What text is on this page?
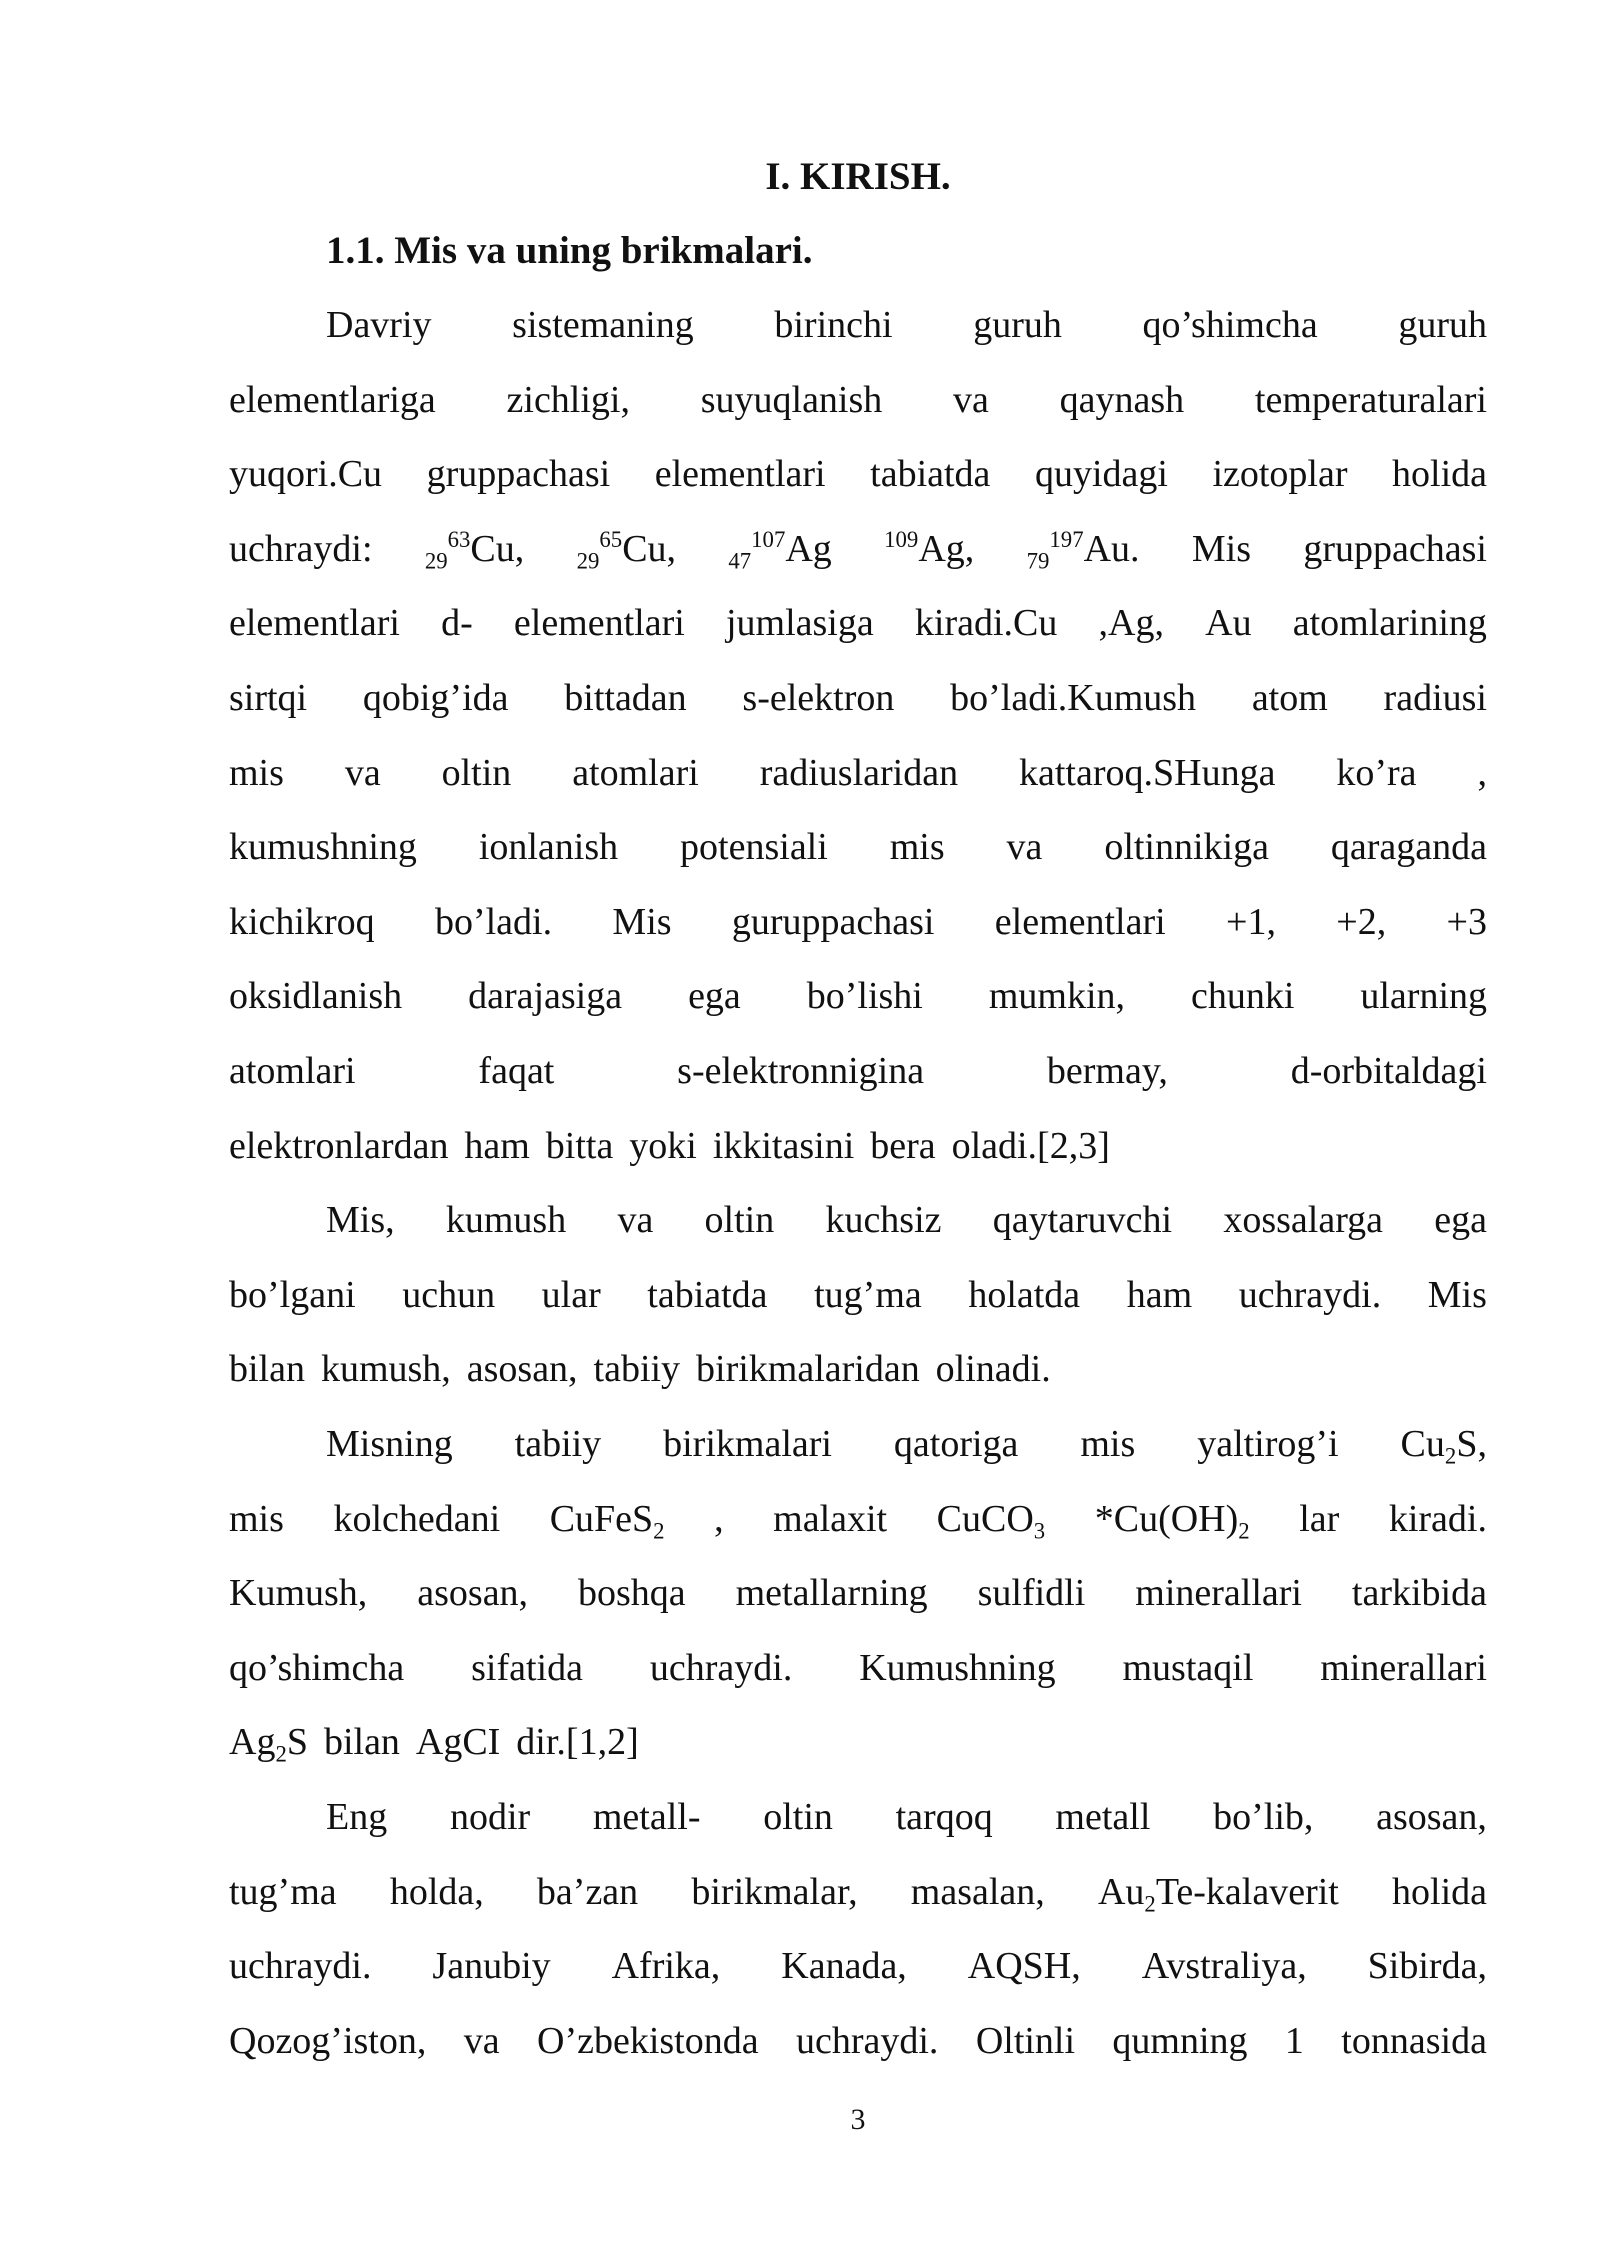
I. KIRISH.
1.1. Mis va uning brikmalari.
Davriy sistemaning birinchi guruh qo’shimcha guruh
elementlariga zichligi, suyuqlanish va qaynash temperaturalari
yuqori.Cu gruppachasi elementlari tabiatda quyidagi izotoplar holida
uchraydi: $_{29}^{63}$Cu, $_{29}^{65}$Cu, $_{47}^{107}$Ag $^{109}$Ag, $_{79}^{197}$Au. Mis gruppachasi
elementlari d- elementlari jumlasiga kiradi.Cu ,Ag, Au atomlarining
sirtqi qobig’ida bittadan s-elektron bo’ladi.Kumush atom radiusi
mis va oltin atomlari radiuslaridan kattaroq.SHunga ko’ra ,
kumushning ionlanish potensiali mis va oltinnikiga qaraganda
kichikroq bo’ladi. Mis guruppachasi elementlari +1, +2, +3
oksidlanish darajasiga ega bo’lishi mumkin, chunki ularning
atomlari	faqat	s-elektronnigina	bermay,	d-orbitaldagi
elektronlardan ham bitta yoki ikkitasini bera oladi.[2,3]
Mis, kumush va oltin kuchsiz qaytaruvchi xossalarga ega
bo’lgani uchun ular tabiatda tug’ma holatda ham uchraydi. Mis
bilan kumush, asosan, tabiiy birikmalaridan olinadi.
Misning tabiiy birikmalari qatoriga mis yaltirog’i $Cu_2S$,
mis kolchedani CuFeS$_2$ , malaxit CuCO$_3$ $*Cu(OH)_2$ lar kiradi.
Kumush, asosan, boshqa metallarning sulfidli minerallari tarkibida
qo’shimcha sifatida uchraydi. Kumushning mustaqil minerallari
$Ag_2S$ bilan AgCI dir.[1,2]
Eng nodir metall- oltin tarqoq metall bo’lib, asosan,
tug’ma holda, ba’zan birikmalar, masalan, $Au_2Te$-kalaverit holida
uchraydi. Janubiy Afrika, Kanada, AQSH, Avstraliya, Sibirda,
Qozog’iston, va O’zbekistonda uchraydi. Oltinli qumning 1 tonnasida
3
